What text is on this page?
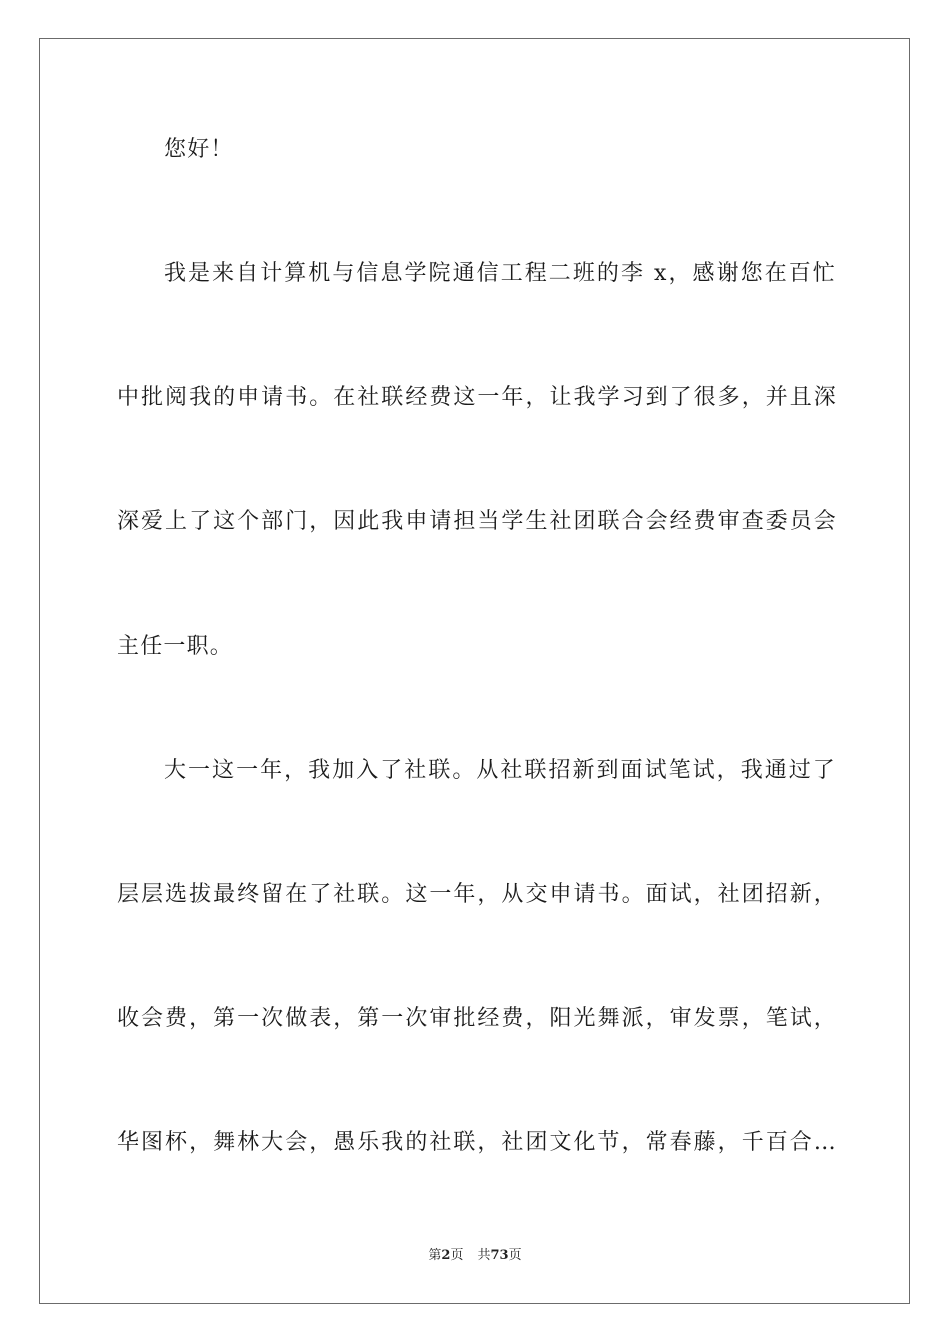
您好！
我是来自计算机与信息学院通信工程二班的李 x，感谢您在百忙
中批阅我的申请书。在社联经费这一年，让我学习到了很多，并且深
深爱上了这个部门，因此我申请担当学生社团联合会经费审查委员会
主任一职。
大一这一年，我加入了社联。从社联招新到面试笔试，我通过了
层层选拔最终留在了社联。这一年，从交申请书。面试，社团招新，
收会费，第一次做表，第一次审批经费，阳光舞派，审发票，笔试，
华图杯，舞林大会，愚乐我的社联，社团文化节，常春藤，千百合…
第2页 共73页
